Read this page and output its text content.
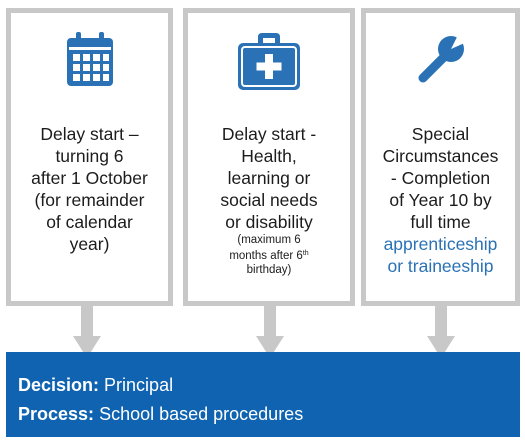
Delay start –
turning 6
after 1 October
(for remainder
of calendar
year)
Delay start -
Health,
learning or
social needs
or disability
(maximum 6
months after 6th
birthday)
Special
Circumstances
- Completion
of Year 10 by
full time
apprenticeship
or traineeship
Decision: Principal
Process: School based procedures
